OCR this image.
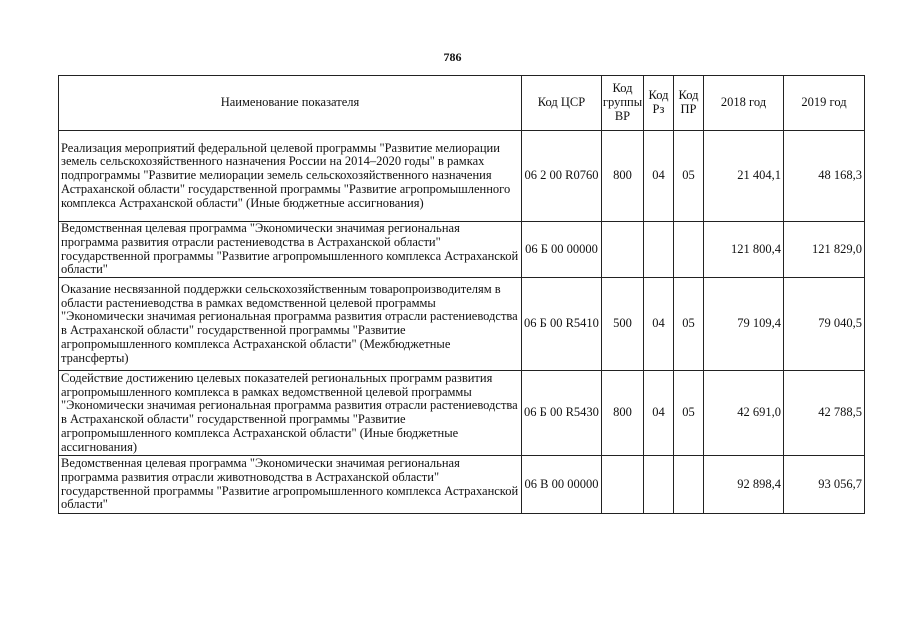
786
Наименование показателя	Код ЦСР	Код группы ВР	Код Рз	Код ПР	2018 год	2019 год
Реализация мероприятий федеральной целевой программы "Развитие мелиорации земель сельскохозяйственного назначения России на 2014–2020 годы" в рамках подпрограммы "Развитие мелиорации земель сельскохозяйственного назначения Астраханской области" государственной программы "Развитие агропромышленного комплекса Астраханской области" (Иные бюджетные ассигнования)	06 2 00 R0760	800	04	05	21 404,1	48 168,3
Ведомственная целевая программа "Экономически значимая региональная программа развития отрасли растениеводства в Астраханской области" государственной программы "Развитие агропромышленного комплекса Астраханской области"	06 Б 00 00000				121 800,4	121 829,0
Оказание несвязанной поддержки сельскохозяйственным товаропроизводителям в области растениеводства в рамках ведомственной целевой программы "Экономически значимая региональная программа развития отрасли растениеводства в Астраханской области" государственной программы "Развитие агропромышленного комплекса Астраханской области" (Межбюджетные трансферты)	06 Б 00 R5410	500	04	05	79 109,4	79 040,5
Содействие достижению целевых показателей региональных программ развития агропромышленного комплекса в рамках ведомственной целевой программы "Экономически значимая региональная программа развития отрасли растениеводства в Астраханской области" государственной программы "Развитие агропромышленного комплекса Астраханской области" (Иные бюджетные ассигнования)	06 Б 00 R5430	800	04	05	42 691,0	42 788,5
Ведомственная целевая программа "Экономически значимая региональная программа развития отрасли животноводства в Астраханской области" государственной программы "Развитие агропромышленного комплекса Астраханской области"	06 В 00 00000				92 898,4	93 056,7
